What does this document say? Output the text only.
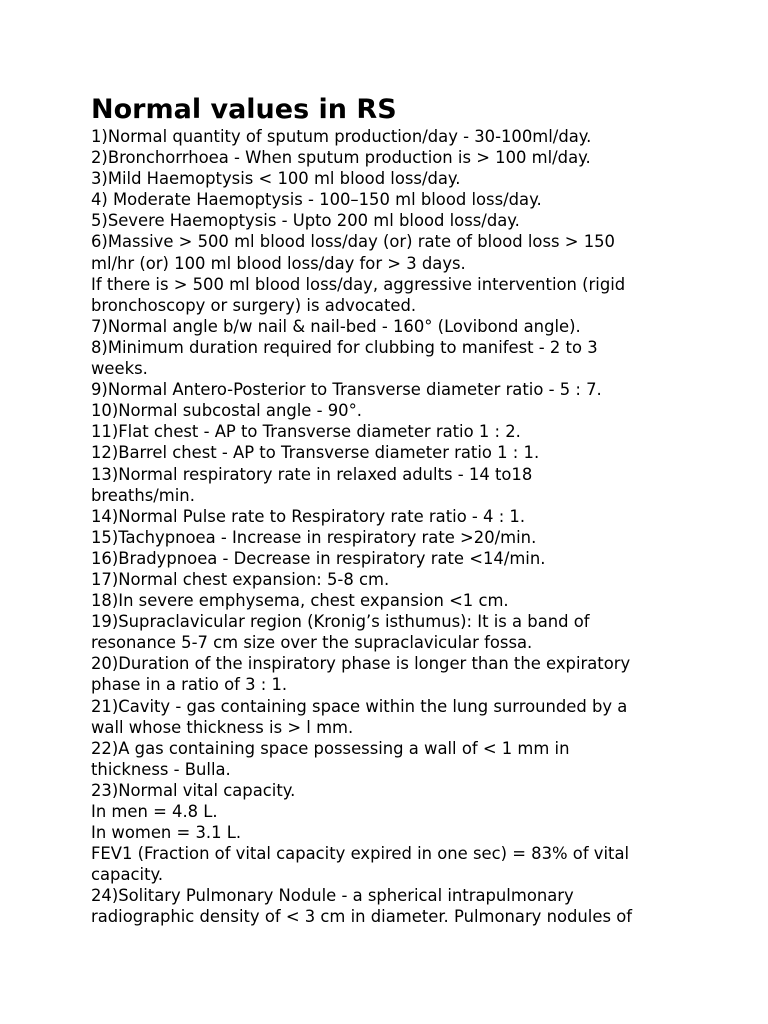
Normal values in RS

1)Normal quantity of sputum production/day - 30-100ml/day.

2)Bronchorrhoea - When sputum production is > 100 ml/day.

3)Mild Haemoptysis < 100 ml blood loss/day.

4) Moderate Haemoptysis - 100–150 ml blood loss/day.

5)Severe Haemoptysis - Upto 200 ml blood loss/day.

6)Massive > 500 ml blood loss/day (or) rate of blood loss > 150

ml/hr (or) 100 ml blood loss/day for > 3 days.

If there is > 500 ml blood loss/day, aggressive intervention (rigid

bronchoscopy or surgery) is advocated.

7)Normal angle b/w nail & nail-bed - 160° (Lovibond angle).

8)Minimum duration required for clubbing to manifest - 2 to 3

weeks.

9)Normal Antero-Posterior to Transverse diameter ratio - 5 : 7.

10)Normal subcostal angle - 90°.

11)Flat chest - AP to Transverse diameter ratio 1 : 2.

12)Barrel chest - AP to Transverse diameter ratio 1 : 1.

13)Normal respiratory rate in relaxed adults - 14 to18

breaths/min.

14)Normal Pulse rate to Respiratory rate ratio - 4 : 1.

15)Tachypnoea - Increase in respiratory rate >20/min.

16)Bradypnoea - Decrease in respiratory rate <14/min.

17)Normal chest expansion: 5-8 cm.

18)In severe emphysema, chest expansion <1 cm.

19)Supraclavicular region (Kronig’s isthumus): It is a band of

resonance 5-7 cm size over the supraclavicular fossa.

20)Duration of the inspiratory phase is longer than the expiratory

phase in a ratio of 3 : 1.

21)Cavity - gas containing space within the lung surrounded by a

wall whose thickness is > l mm.

22)A gas containing space possessing a wall of < 1 mm in

thickness - Bulla.

23)Normal vital capacity.

In men = 4.8 L.

In women = 3.1 L.

FEV1 (Fraction of vital capacity expired in one sec) = 83% of vital

capacity.

24)Solitary Pulmonary Nodule - a spherical intrapulmonary

radiographic density of < 3 cm in diameter. Pulmonary nodules of
